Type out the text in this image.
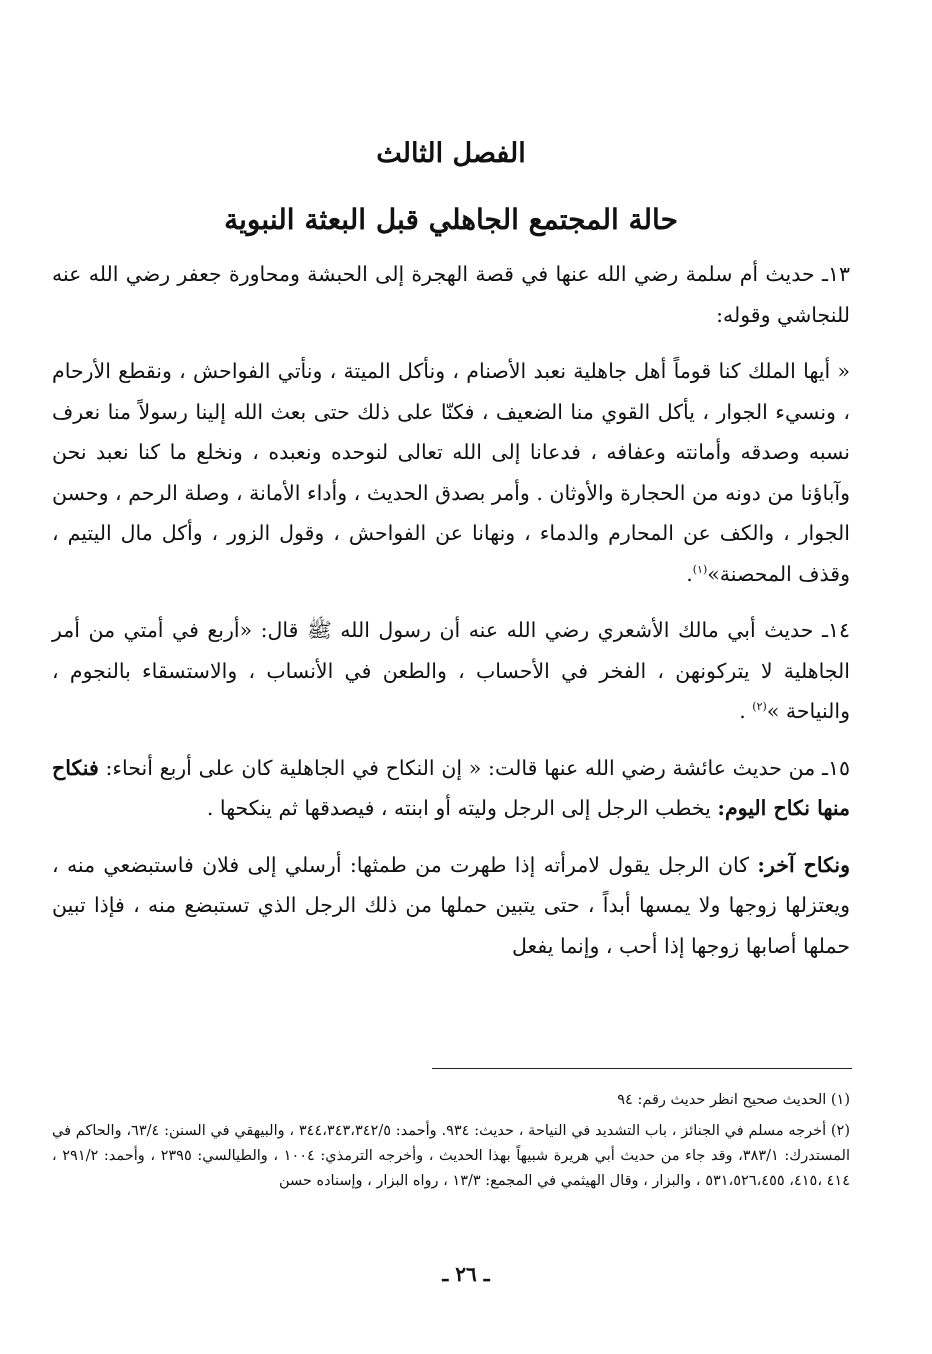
الفصل الثالث
حالة المجتمع الجاهلي قبل البعثة النبوية

١٣ـ حديث أم سلمة رضي الله عنها في قصة الهجرة إلى الحبشة ومحاورة جعفر رضي الله عنه للنجاشي وقوله:

« أيها الملك كنا قوماً أهل جاهلية نعبد الأصنام ، ونأكل الميتة ، ونأتي الفواحش ، ونقطع الأرحام ، ونسيء الجوار ، يأكل القوي منا الضعيف ، فكنّا على ذلك حتى بعث الله إلينا رسولاً منا نعرف نسبه وصدقه وأمانته وعفافه ، فدعانا إلى الله تعالى لنوحده ونعبده ، ونخلع ما كنا نعبد نحن وآباؤنا من دونه من الحجارة والأوثان . وأمر بصدق الحديث ، وأداء الأمانة ، وصلة الرحم ، وحسن الجوار ، والكف عن المحارم والدماء ، ونهانا عن الفواحش ، وقول الزور ، وأكل مال اليتيم ، وقذف المحصنة»$^{(١)}$.

١٤ـ حديث أبي مالك الأشعري رضي الله عنه أن رسول الله ﷺ قال: «أربع في أمتي من أمر الجاهلية لا يتركونهن ، الفخر في الأحساب ، والطعن في الأنساب ، والاستسقاء بالنجوم ، والنياحة »$^{(٢)}$ .

١٥ـ من حديث عائشة رضي الله عنها قالت: « إن النكاح في الجاهلية كان على أربع أنحاء: فنكاح منها نكاح اليوم: يخطب الرجل إلى الرجل وليته أو ابنته ، فيصدقها ثم ينكحها .

ونكاح آخر: كان الرجل يقول لامرأته إذا طهرت من طمثها: أرسلي إلى فلان فاستبضعي منه ، ويعتزلها زوجها ولا يمسها أبداً ، حتى يتبين حملها من ذلك الرجل الذي تستبضع منه ، فإذا تبين حملها أصابها زوجها إذا أحب ، وإنما يفعل

(١) الحديث صحيح انظر حديث رقم: ٩٤
(٢) أخرجه مسلم في الجنائز ، باب التشديد في النياحة ، حديث: ٩٣٤. وأحمد: ٣٤٤،٣٤٣،٣٤٢/٥ ، والبيهقي في السنن: ٦٣/٤، والحاكم في المستدرك: ٣٨٣/١، وقد جاء من حديث أبي هريرة شبيهاً بهذا الحديث ، وأخرجه الترمذي: ١٠٠٤ ، والطيالسي: ٢٣٩٥ ، وأحمد: ٢٩١/٢ ، ٤١٤ ،٤١٥، ٥٣١،٥٢٦،٤٥٥ ، والبزار ، وقال الهيثمي في المجمع: ١٣/٣ ، رواه البزار ، وإسناده حسن
ـ ٢٦ ـ
